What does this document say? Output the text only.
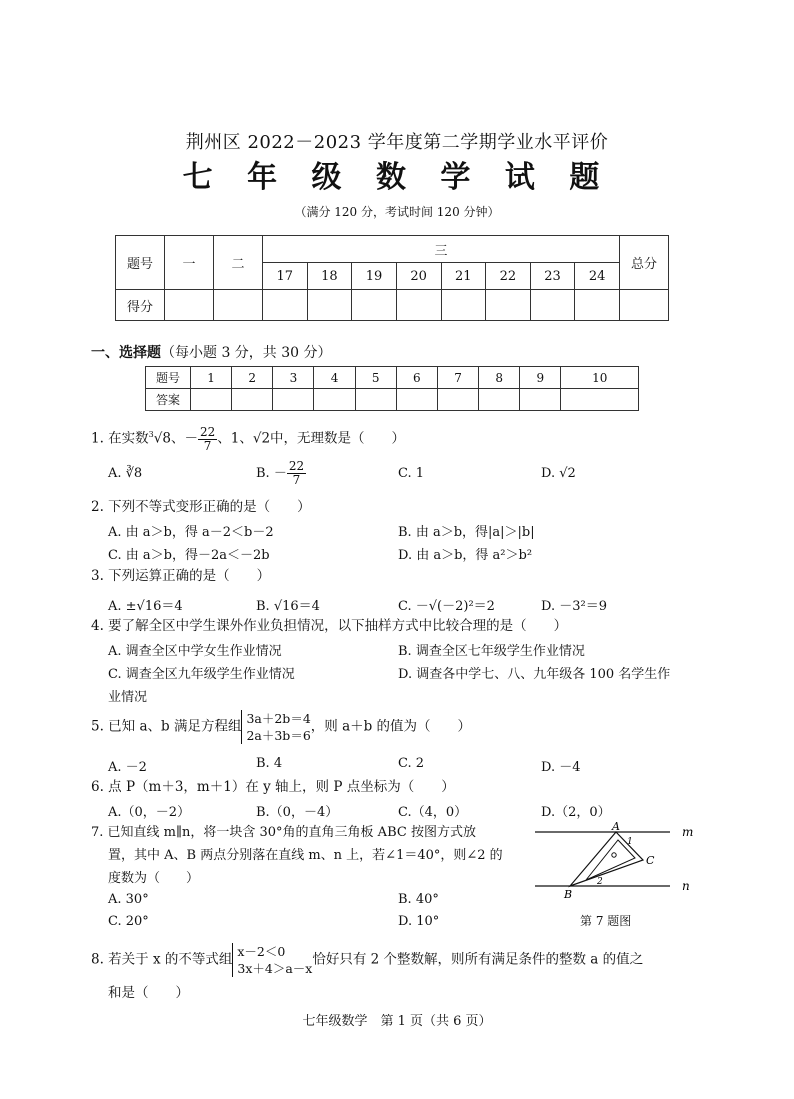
荆州区 2022－2023 学年度第二学期学业水平评价
七 年 级 数 学 试 题
（满分 120 分，考试时间 120 分钟）
题号	一	二	三								总分
			17	18	19	20	21	22	23	24	
得分											
一、选择题（每小题 3 分，共 30 分）
题号	1	2	3	4	5	6	7	8	9	10
答案										
1. 在实数$^3$√8、－ $\frac{22}{7}$ 、1、√2中，无理数是（　　）
A. ∛8	B. － $\frac{22}{7}$	C. 1	D. √2
2. 下列不等式变形正确的是（　　）
A. 由 a＞b，得 a－2＜b－2	B. 由 a＞b，得|a|＞|b|
C. 由 a＞b，得－2a＜－2b	D. 由 a＞b，得 a²＞b²
3. 下列运算正确的是（　　）
A. ±√16＝4	B. √16＝4	C. －√(－2)²＝2	D. －3²＝9
4. 要了解全区中学生课外作业负担情况，以下抽样方式中比较合理的是（　　）
A. 调查全区中学女生作业情况	B. 调查全区七年级学生作业情况
C. 调查全区九年级学生作业情况	D. 调查各中学七、八、九年级各 100 名学生作
业情况
5. 已知 a、b 满足方程组 3a＋2b＝4
2a＋3b＝6
，则 a＋b 的值为（　　）
A. －2	B. 4	C. 2	D. －4
6. 点 P（m＋3，m＋1）在 y 轴上，则 P 点坐标为（　　）
A.（0，－2）	B.（0，－4）	C.（4，0）	D.（2，0）
7. 已知直线 m∥n，将一块含 30°角的直角三角板 ABC 按图方式放
置，其中 A、B 两点分别落在直线 m、n 上，若∠1＝40°，则∠2 的
度数为（　　）
A. 30°	B. 40°
C. 20°	D. 10°
A
1
C
2
B
m
n
第 7 题图
8. 若关于 x 的不等式组 x－2＜0
3x＋4＞a－x
恰好只有 2 个整数解，则所有满足条件的整数 a 的值之
和是（　　）
七年级数学　第 1 页（共 6 页）
